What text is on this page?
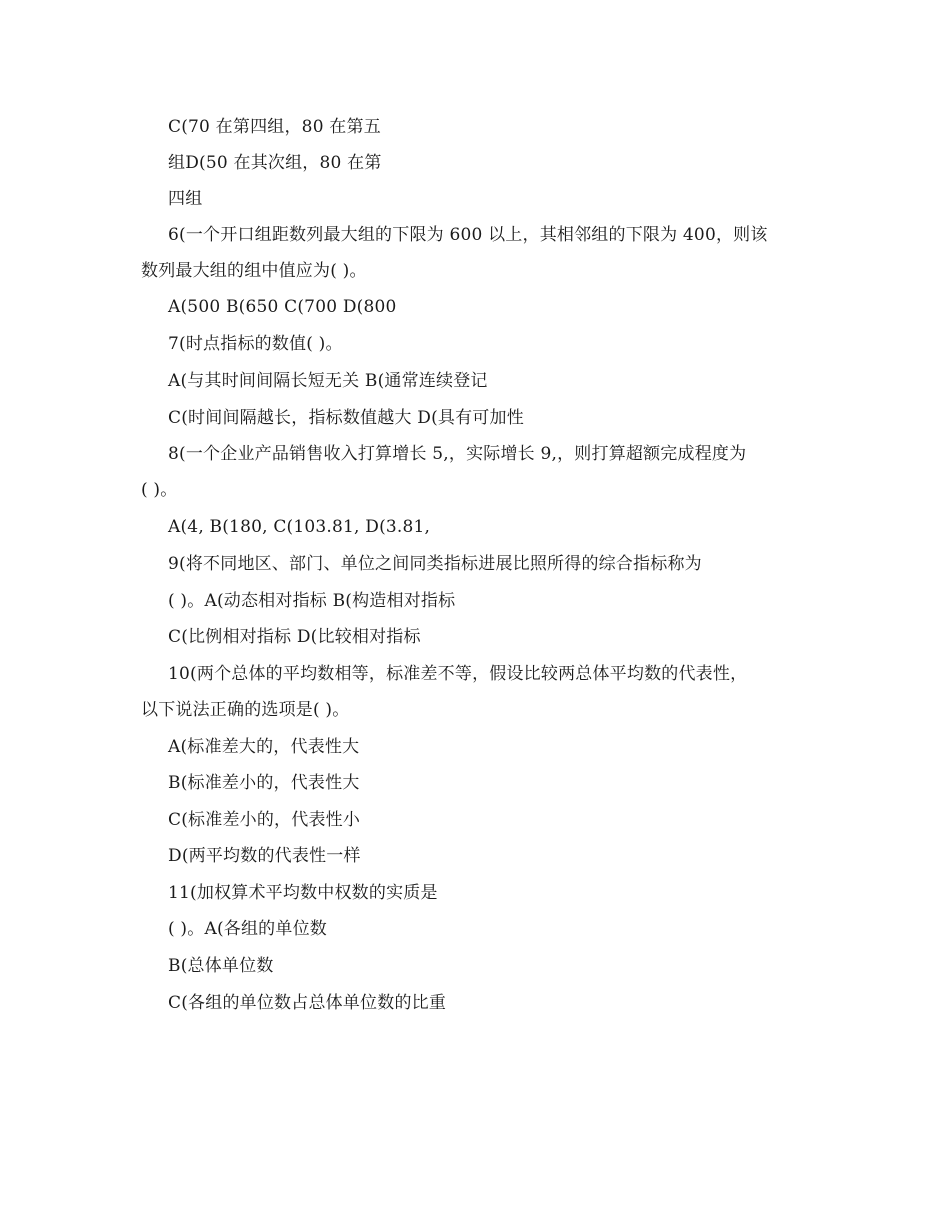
C(70 在第四组，80 在第五
组D(50 在其次组，80 在第
四组
6(一个开口组距数列最大组的下限为 600 以上，其相邻组的下限为 400，则该
数列最大组的组中值应为( )。
A(500 B(650 C(700 D(800
7(时点指标的数值( )。
A(与其时间间隔长短无关 B(通常连续登记
C(时间间隔越长，指标数值越大 D(具有可加性
8(一个企业产品销售收入打算增长 5,，实际增长 9,，则打算超额完成程度为
( )。
A(4, B(180, C(103.81, D(3.81,
9(将不同地区、部门、单位之间同类指标进展比照所得的综合指标称为
( )。A(动态相对指标 B(构造相对指标
C(比例相对指标 D(比较相对指标
10(两个总体的平均数相等，标准差不等，假设比较两总体平均数的代表性，
以下说法正确的选项是( )。
A(标准差大的，代表性大
B(标准差小的，代表性大
C(标准差小的，代表性小
D(两平均数的代表性一样
11(加权算术平均数中权数的实质是
( )。A(各组的单位数
B(总体单位数
C(各组的单位数占总体单位数的比重
